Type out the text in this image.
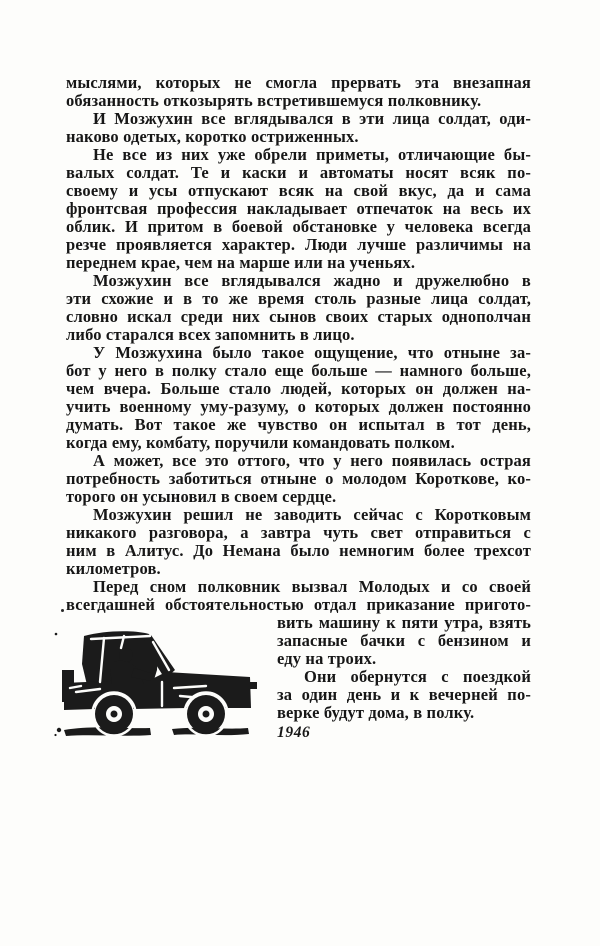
мыслями, которых не смогла прервать эта внезапная
обязанность откозырять встретившемуся полковнику.
И Мозжухин все вглядывался в эти лица солдат, оди-
наково одетых, коротко остриженных.
Не все из них уже обрели приметы, отличающие бы-
валых солдат. Те и каски и автоматы носят всяк по-
своему и усы отпускают всяк на свой вкус, да и сама
фронтсвая профессия накладывает отпечаток на весь их
облик. И притом в боевой обстановке у человека всегда
резче проявляется характер. Люди лучше различимы на
переднем крае, чем на марше или на ученьях.
Мозжухин все вглядывался жадно и дружелюбно в
эти схожие и в то же время столь разные лица солдат,
словно искал среди них сынов своих старых однополчан
либо старался всех запомнить в лицо.
У Мозжухина было такое ощущение, что отныне за-
бот у него в полку стало еще больше — намного больше,
чем вчера. Больше стало людей, которых он должен на-
учить военному уму-разуму, о которых должен постоянно
думать. Вот такое же чувство он испытал в тот день,
когда ему, комбату, поручили командовать полком.
А может, все это оттого, что у него появилась острая
потребность заботиться отныне о молодом Короткове, ко-
торого он усыновил в своем сердце.
Мозжухин решил не заводить сейчас с Коротковым
никакого разговора, а завтра чуть свет отправиться с
ним в Алитус. До Немана было немногим более трехсот
километров.
Перед сном полковник вызвал Молодых и со своей
всегдашней обстоятельностью отдал приказание пригото-
вить машину к пяти утра, взять
запасные бачки с бензином и
еду на троих.
Они обернутся с поездкой
за один день и к вечерней по-
верке будут дома, в полку.
1946
